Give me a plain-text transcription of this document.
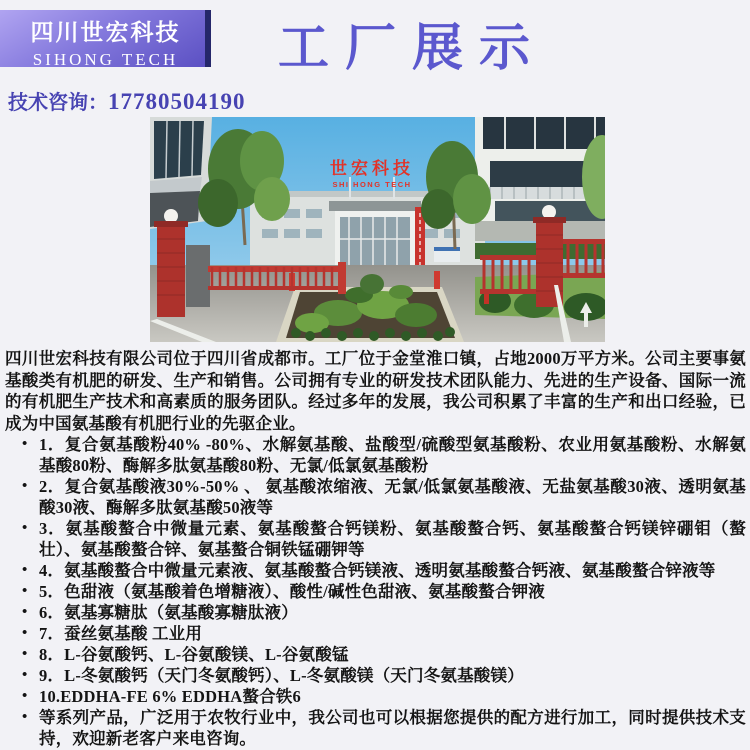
四川世宏科技
SIHONG TECH	工厂展示
技术咨询：17780504190
世宏科技
SHI HONG TECH

四川世宏科技有限公司位于四川省成都市。工厂位于金堂淮口镇，占地2000万平方米。公司主要事氨基酸类有机肥的研发、生产和销售。公司拥有专业的研发技术团队能力、先进的生产设备、国际一流的有机肥生产技术和高素质的服务团队。经过多年的发展，我公司积累了丰富的生产和出口经验，已成为中国氨基酸有机肥行业的先驱企业。

• 1．复合氨基酸粉40% -80%、水解氨基酸、盐酸型/硫酸型氨基酸粉、农业用氨基酸粉、水解氨基酸80粉、酶解多肽氨基酸80粉、无氯/低氯氨基酸粉
• 2．复合氨基酸液30%-50% 、 氨基酸浓缩液、无氯/低氯氨基酸液、无盐氨基酸30液、透明氨基酸30液、酶解多肽氨基酸50液等
• 3．氨基酸螯合中微量元素、氨基酸螯合钙镁粉、氨基酸螯合钙、氨基酸螯合钙镁锌硼钼（螯壮）、氨基酸螯合锌、氨基螯合铜铁锰硼钾等
• 4．氨基酸螯合中微量元素液、氨基酸螯合钙镁液、透明氨基酸螯合钙液、氨基酸螯合锌液等
• 5．色甜液（氨基酸着色增糖液）、酸性/碱性色甜液、氨基酸螯合钾液
• 6．氨基寡糖肽（氨基酸寡糖肽液）
• 7．蚕丝氨基酸 工业用
• 8．L-谷氨酸钙、L-谷氨酸镁、L-谷氨酸锰
• 9．L-冬氨酸钙（天门冬氨酸钙）、L-冬氨酸镁（天门冬氨基酸镁）
• 10.EDDHA-FE 6% EDDHA螯合铁6
• 等系列产品，广泛用于农牧行业中，我公司也可以根据您提供的配方进行加工，同时提供技术支持，欢迎新老客户来电咨询。
